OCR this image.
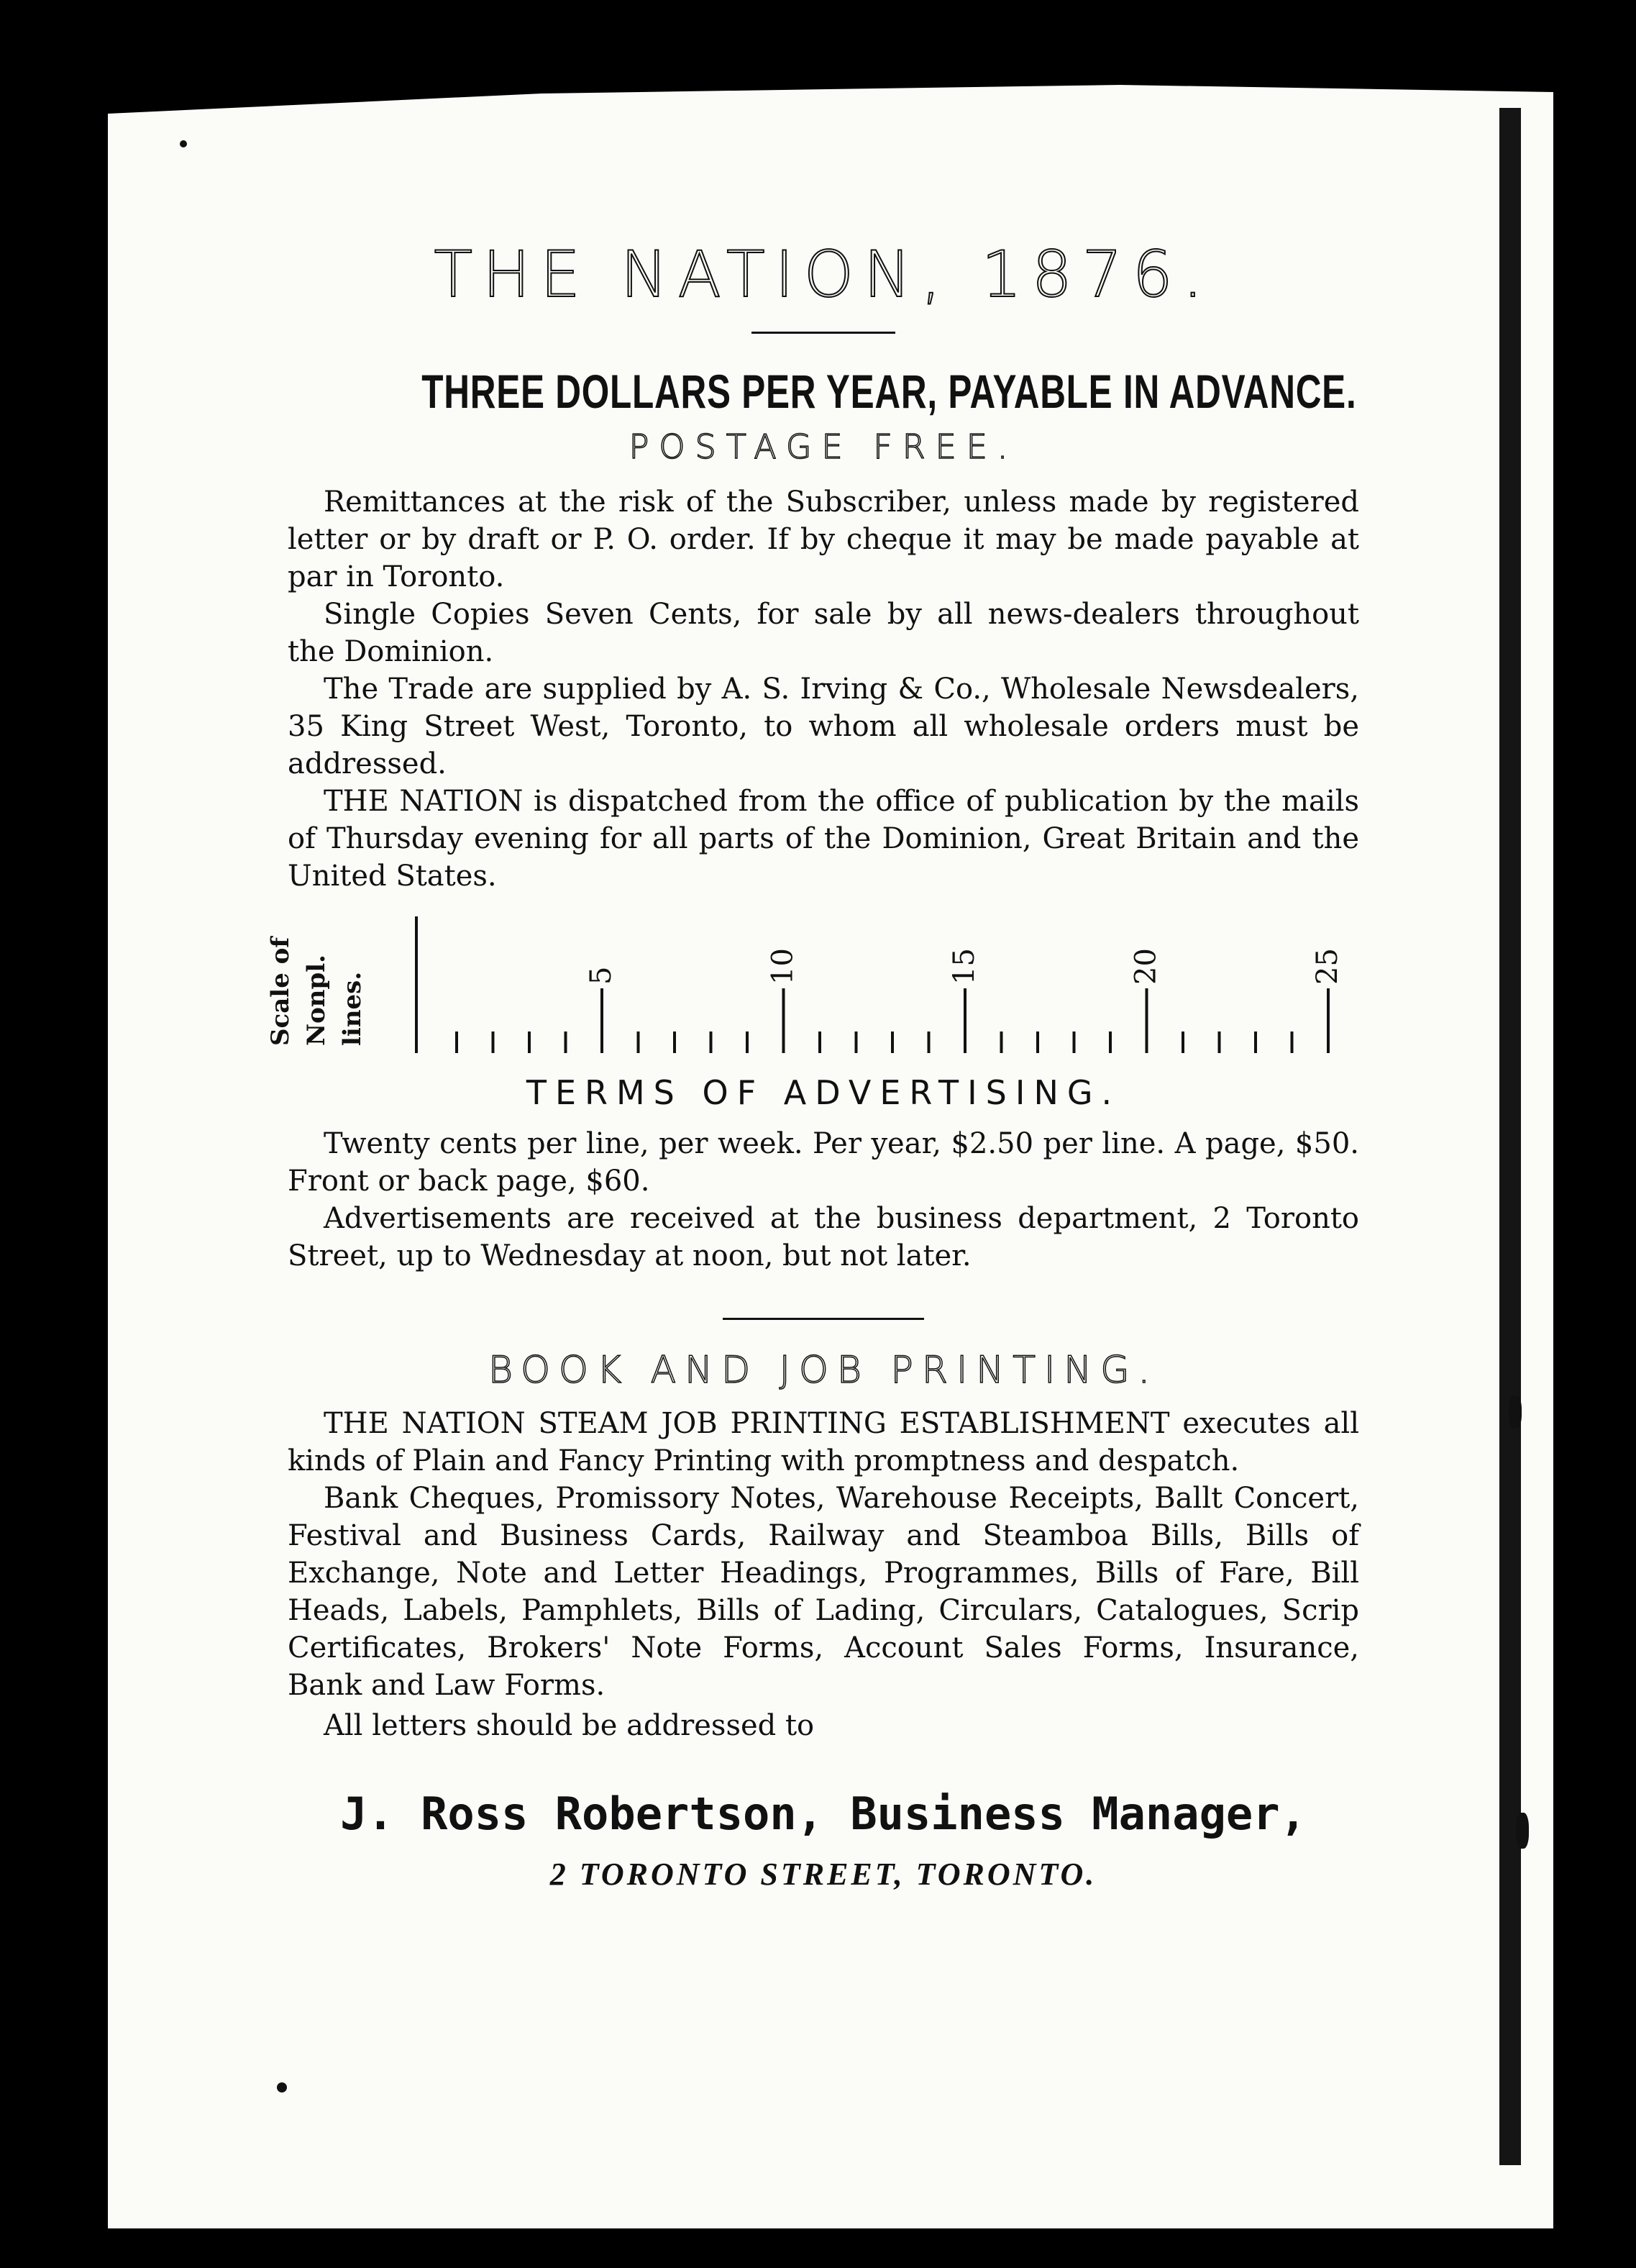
THE NATION, 1876.
THREE DOLLARS PER YEAR, PAYABLE IN ADVANCE.
POSTAGE FREE.

Remittances at the risk of the Subscriber, unless made by registered letter or by draft or P. O. order. If by cheque it may be made payable at par in Toronto.

Single Copies Seven Cents, for sale by all news-dealers throughout the Dominion.

The Trade are supplied by A. S. Irving & Co., Wholesale Newsdealers, 35 King Street West, Toronto, to whom all wholesale orders must be addressed.

THE NATION is dispatched from the office of publication by the mails of Thursday evening for all parts of the Dominion, Great Britain and the United States.

Scale of Nonpl. lines.	5	10	15	20	25
TERMS OF ADVERTISING.

Twenty cents per line, per week. Per year, $2.50 per line. A page, $50. Front or back page, $60.

Advertisements are received at the business department, 2 Toronto Street, up to Wednesday at noon, but not later.

BOOK AND JOB PRINTING.

THE NATION STEAM JOB PRINTING ESTABLISHMENT executes all kinds of Plain and Fancy Printing with promptness and despatch.

Bank Cheques, Promissory Notes, Warehouse Receipts, Ballt Concert, Festival and Business Cards, Railway and Steamboa Bills, Bills of Exchange, Note and Letter Headings, Programmes, Bills of Fare, Bill Heads, Labels, Pamphlets, Bills of Lading, Circulars, Catalogues, Scrip Certificates, Brokers' Note Forms, Account Sales Forms, Insurance, Bank and Law Forms.

All letters should be addressed to
J. Ross Robertson, Business Manager,
2 TORONTO STREET, TORONTO.
